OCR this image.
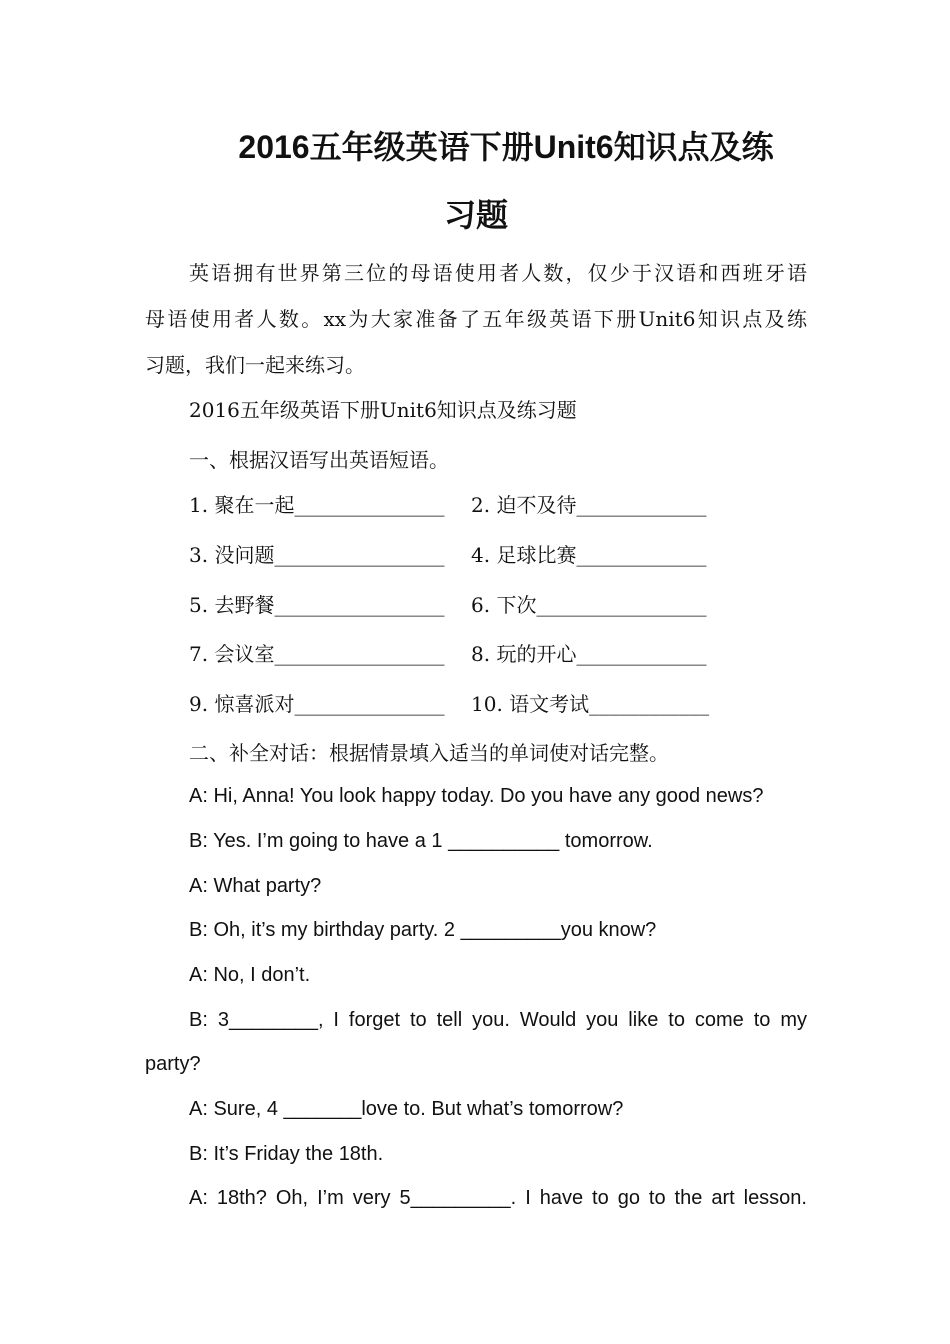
2016五年级英语下册Unit6知识点及练
习题
英语拥有世界第三位的母语使用者人数，仅少于汉语和西班牙语
母语使用者人数。xx为大家准备了五年级英语下册Unit6知识点及练
习题，我们一起来练习。
2016五年级英语下册Unit6知识点及练习题
一、根据汉语写出英语短语。
1. 聚在一起_______________ 2. 迫不及待_____________
3. 没问题_________________ 4. 足球比赛_____________
5. 去野餐_________________ 6. 下次_________________
7. 会议室_________________ 8. 玩的开心_____________
9. 惊喜派对_______________ 10. 语文考试____________
二、补全对话：根据情景填入适当的单词使对话完整。
A: Hi, Anna! You look happy today. Do you have any good news?
B: Yes. I’m going to have a 1 __________ tomorrow.
A: What party?
B: Oh, it’s my birthday party. 2 _________you know?
A: No, I don’t.
B: 3________, I forget to tell you. Would you like to come to my
party?
A: Sure, 4 _______love to. But what’s tomorrow?
B: It’s Friday the 18th.
A: 18th? Oh, I’m very 5_________. I have to go to the art lesson.
